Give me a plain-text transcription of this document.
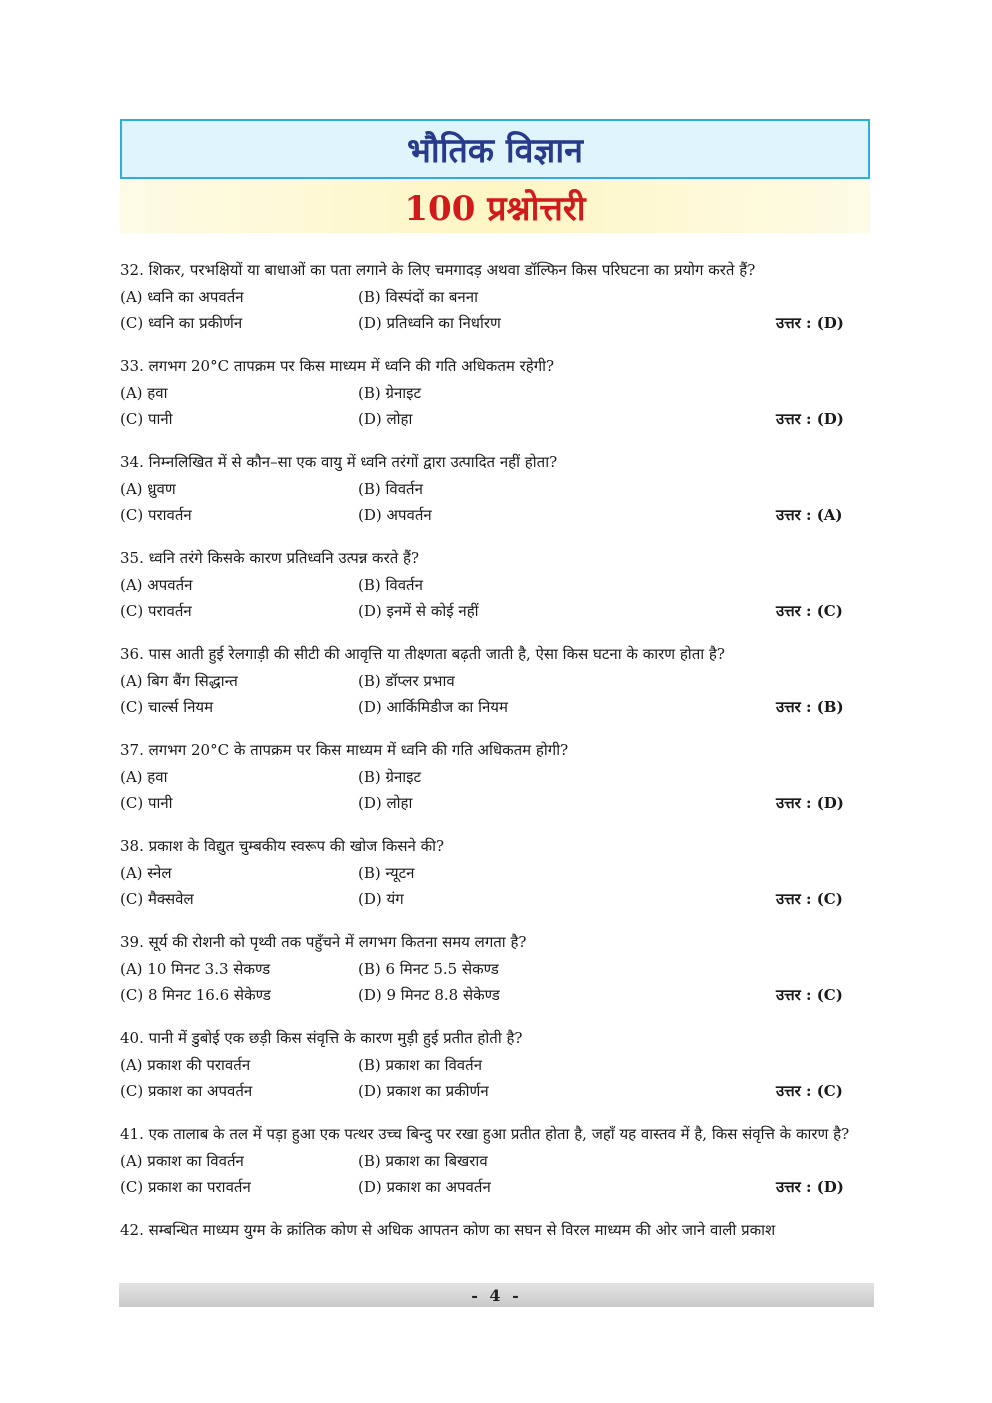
भौतिक विज्ञान
100 प्रश्नोत्तरी
32. शिकर, परभक्षियों या बाधाओं का पता लगाने के लिए चमगादड़ अथवा डॉल्फिन किस परिघटना का प्रयोग करते हैं?
(A) ध्वनि का अपवर्तन	(B) विस्पंदों का बनना
(C) ध्वनि का प्रकीर्णन	(D) प्रतिध्वनि का निर्धारण	उत्तर : (D)
33. लगभग 20°C तापक्रम पर किस माध्यम में ध्वनि की गति अधिकतम रहेगी?
(A) हवा	(B) ग्रेनाइट
(C) पानी	(D) लोहा	उत्तर : (D)
34. निम्नलिखित में से कौन–सा एक वायु में ध्वनि तरंगों द्वारा उत्पादित नहीं होता?
(A) ध्रुवण	(B) विवर्तन
(C) परावर्तन	(D) अपवर्तन	उत्तर : (A)
35. ध्वनि तरंगे किसके कारण प्रतिध्वनि उत्पन्न करते हैं?
(A) अपवर्तन	(B) विवर्तन
(C) परावर्तन	(D) इनमें से कोई नहीं	उत्तर : (C)
36. पास आती हुई रेलगाड़ी की सीटी की आवृत्ति या तीक्ष्णता बढ़ती जाती है, ऐसा किस घटना के कारण होता है?
(A) बिग बैंग सिद्धान्त	(B) डॉप्लर प्रभाव
(C) चार्ल्स नियम	(D) आर्किमिडीज का नियम	उत्तर : (B)
37. लगभग 20°C के तापक्रम पर किस माध्यम में ध्वनि की गति अधिकतम होगी?
(A) हवा	(B) ग्रेनाइट
(C) पानी	(D) लोहा	उत्तर : (D)
38. प्रकाश के विद्युत चुम्बकीय स्वरूप की खोज किसने की?
(A) स्नेल	(B) न्यूटन
(C) मैक्सवेल	(D) यंग	उत्तर : (C)
39. सूर्य की रोशनी को पृथ्वी तक पहुँचने में लगभग कितना समय लगता है?
(A) 10 मिनट 3.3 सेकण्ड	(B) 6 मिनट 5.5 सेकण्ड
(C) 8 मिनट 16.6 सेकेण्ड	(D) 9 मिनट 8.8 सेकेण्ड	उत्तर : (C)
40. पानी में डुबोई एक छड़ी किस संवृत्ति के कारण मुड़ी हुई प्रतीत होती है?
(A) प्रकाश की परावर्तन	(B) प्रकाश का विवर्तन
(C) प्रकाश का अपवर्तन	(D) प्रकाश का प्रकीर्णन	उत्तर : (C)
41. एक तालाब के तल में पड़ा हुआ एक पत्थर उच्च बिन्दु पर रखा हुआ प्रतीत होता है, जहाँ यह वास्तव में है, किस संवृत्ति के कारण है?
(A) प्रकाश का विवर्तन	(B) प्रकाश का बिखराव
(C) प्रकाश का परावर्तन	(D) प्रकाश का अपवर्तन	उत्तर : (D)
42. सम्बन्धित माध्यम युग्म के क्रांतिक कोण से अधिक आपतन कोण का सघन से विरल माध्यम की ओर जाने वाली प्रकाश
- 4 -
